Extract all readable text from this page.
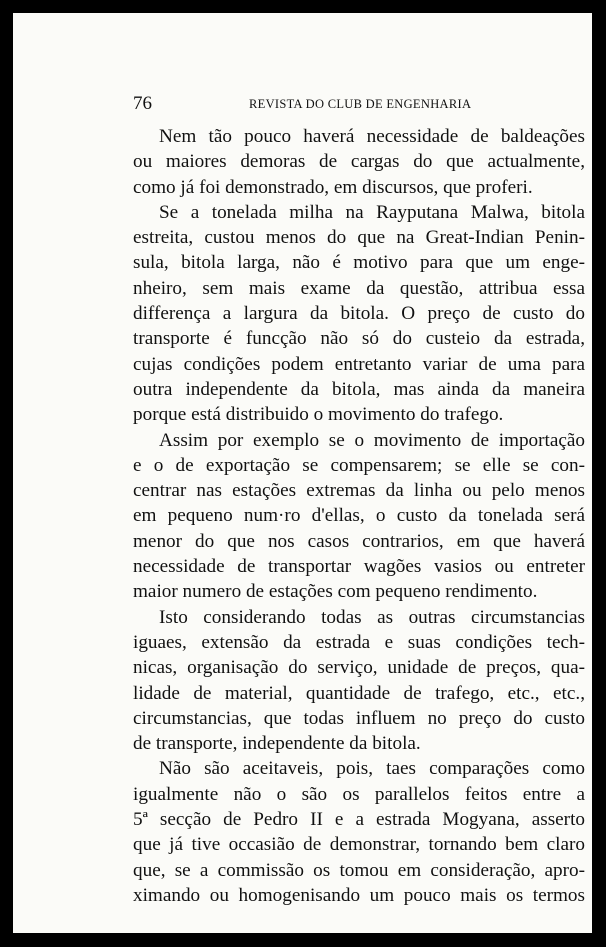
76	REVISTA DO CLUB DE ENGENHARIA
Nem tão pouco haverá necessidade de baldeações
ou maiores demoras de cargas do que actualmente,
como já foi demonstrado, em discursos, que proferi.
Se a tonelada milha na Rayputana Malwa, bitola
estreita, custou menos do que na Great-Indian Penin-
sula, bitola larga, não é motivo para que um enge-
nheiro, sem mais exame da questão, attribua essa
differença a largura da bitola. O preço de custo do
transporte é funcção não só do custeio da estrada,
cujas condições podem entretanto variar de uma para
outra independente da bitola, mas ainda da maneira
porque está distribuido o movimento do trafego.
Assim por exemplo se o movimento de importação
e o de exportação se compensarem; se elle se con-
centrar nas estações extremas da linha ou pelo menos
em pequeno num·ro d'ellas, o custo da tonelada será
menor do que nos casos contrarios, em que haverá
necessidade de transportar wagões vasios ou entreter
maior numero de estações com pequeno rendimento.
Isto considerando todas as outras circumstancias
iguaes, extensão da estrada e suas condições tech-
nicas, organisação do serviço, unidade de preços, qua-
lidade de material, quantidade de trafego, etc., etc.,
circumstancias, que todas influem no preço do custo
de transporte, independente da bitola.
Não são aceitaveis, pois, taes comparações como
igualmente não o são os parallelos feitos entre a
5ª secção de Pedro II e a estrada Mogyana, asserto
que já tive occasião de demonstrar, tornando bem claro
que, se a commissão os tomou em consideração, apro-
ximando ou homogenisando um pouco mais os termos
